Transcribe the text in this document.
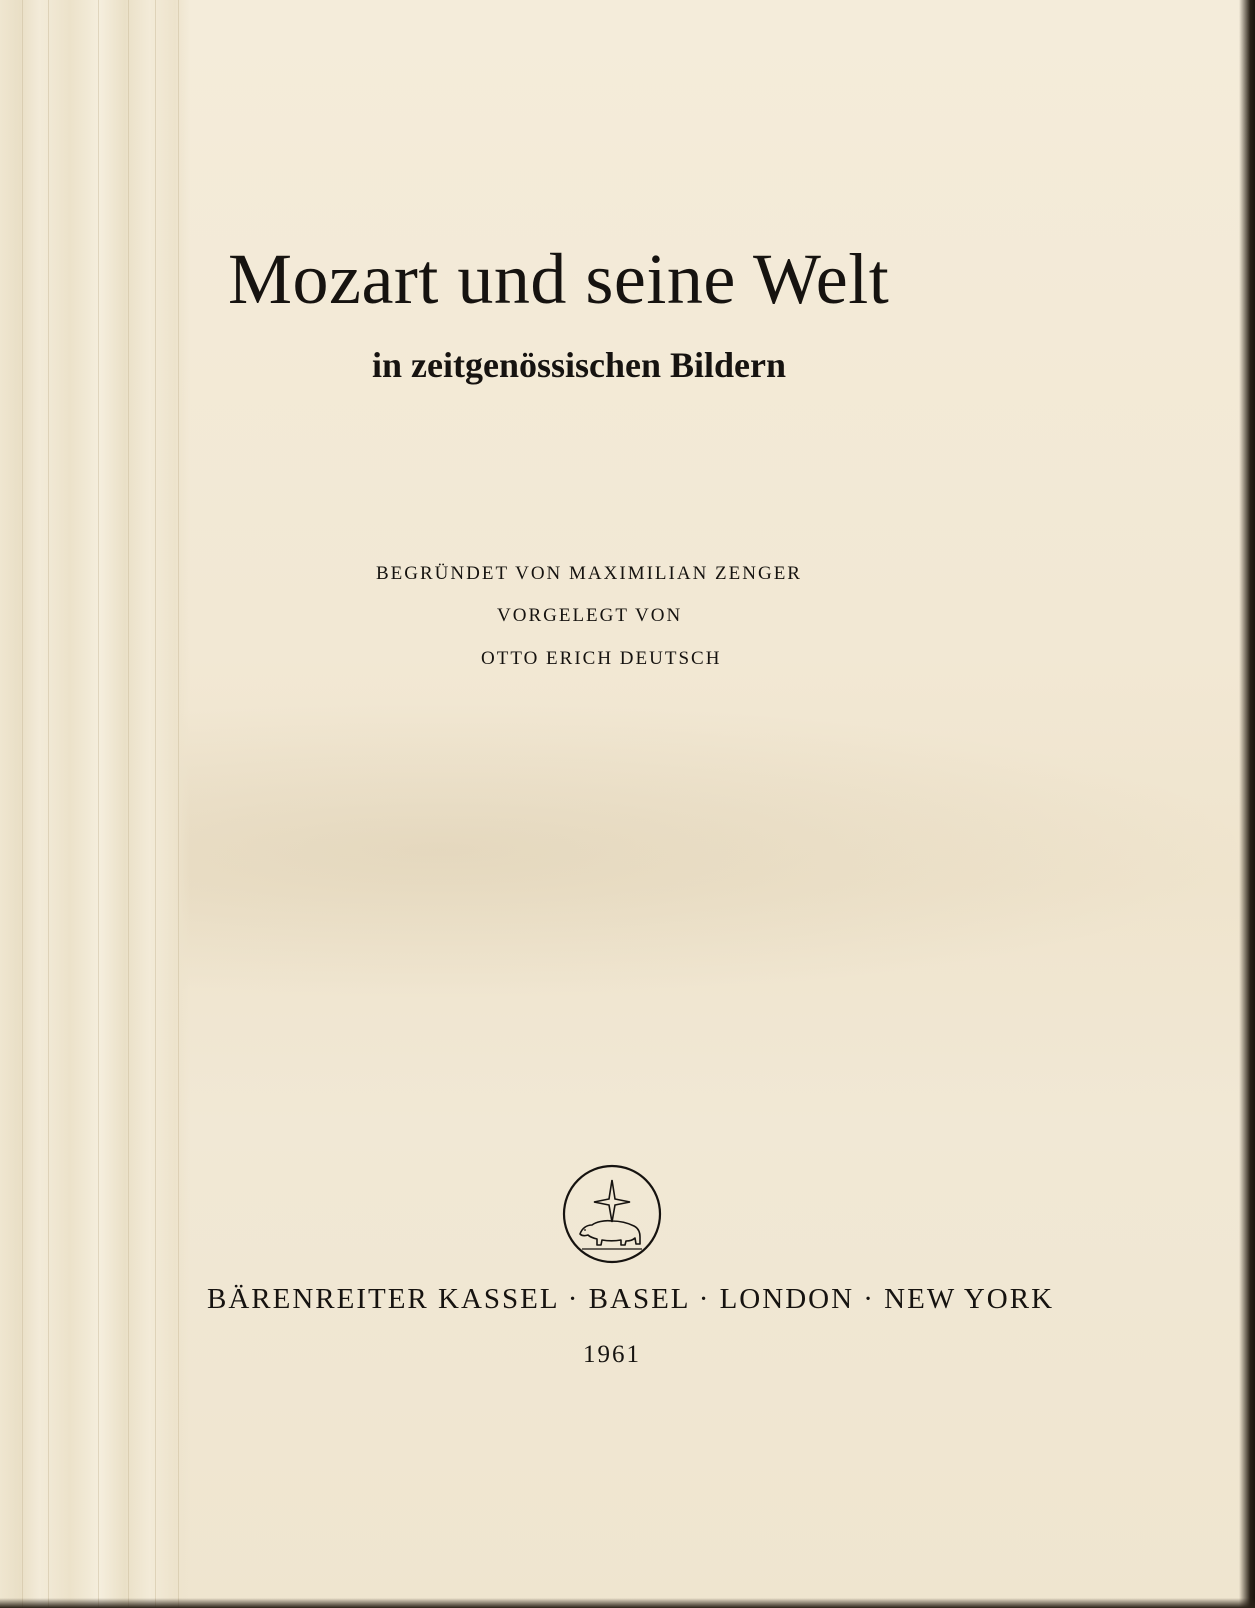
Mozart und seine Welt
in zeitgenössischen Bildern
BEGRÜNDET VON MAXIMILIAN ZENGER
VORGELEGT VON
OTTO ERICH DEUTSCH
BÄRENREITER KASSEL · BASEL · LONDON · NEW YORK
1961
